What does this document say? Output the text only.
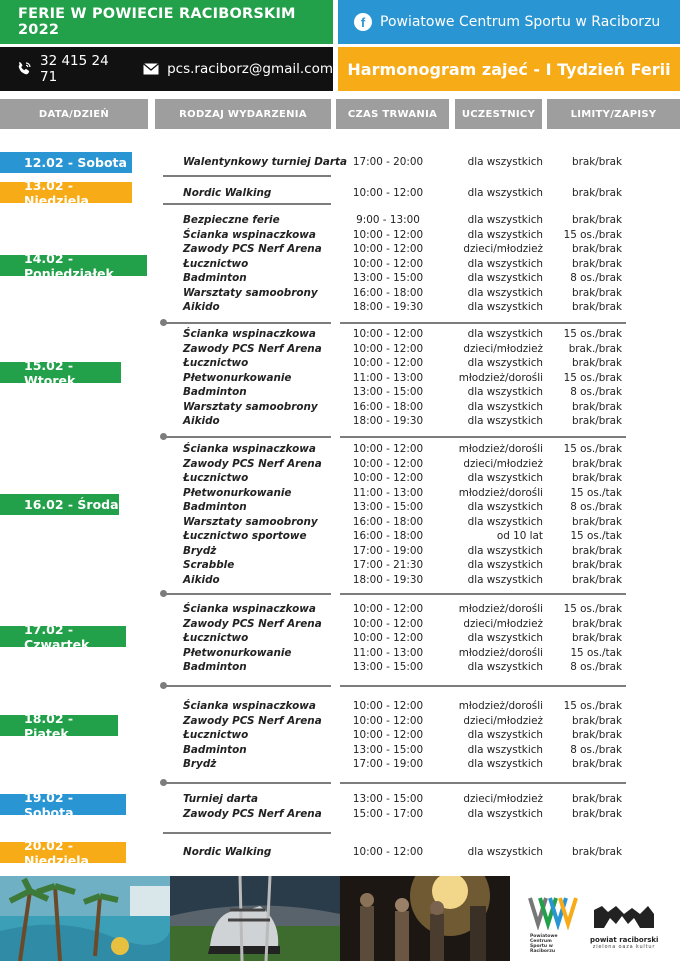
FERIE W POWIECIE RACIBORSKIM 2022	f	Powiatowe Centrum Sportu w Raciborzu
32 415 24 71	pcs.raciborz@gmail.com Harmonogram zajeć - I Tydzień Ferii
DATA/DZIEŃ	RODZAJ WYDARZENIA	CZAS TRWANIA	UCZESTNICY	LIMITY/ZAPISY
12.02 - Sobota	Walentynkowy turniej Darta 17:00 - 20:00	dla wszystkich	brak/brak
13.02 - Niedziela	Nordic Walking	10:00 - 12:00	dla wszystkich	brak/brak
14.02 - Poniedziałek
Bezpieczne ferie	9:00 - 13:00	dla wszystkich	brak/brak
Ścianka wspinaczkowa	10:00 - 12:00	dla wszystkich	15 os./brak
Zawody PCS Nerf Arena	10:00 - 12:00	dzieci/młodzież	brak/brak
Łucznictwo	10:00 - 12:00	dla wszystkich	brak/brak
Badminton	13:00 - 15:00	dla wszystkich	8 os./brak
Warsztaty samoobrony	16:00 - 18:00	dla wszystkich	brak/brak
Aikido	18:00 - 19:30	dla wszystkich	brak/brak
15.02 - Wtorek
Ścianka wspinaczkowa	10:00 - 12:00	dla wszystkich	15 os./brak
Zawody PCS Nerf Arena	10:00 - 12:00	dzieci/młodzież	brak./brak
Łucznictwo	10:00 - 12:00	dla wszystkich	brak/brak
Płetwonurkowanie	11:00 - 13:00	młodzież/dorośli	15 os./brak
Badminton	13:00 - 15:00	dla wszystkich	8 os./brak
Warsztaty samoobrony	16:00 - 18:00	dla wszystkich	brak/brak
Aikido	18:00 - 19:30	dla wszystkich	brak/brak
16.02 - Środa
Ścianka wspinaczkowa	10:00 - 12:00	młodzież/dorośli	15 os./brak
Zawody PCS Nerf Arena	10:00 - 12:00	dzieci/młodzież	brak/brak
Łucznictwo	10:00 - 12:00	dla wszystkich	brak/brak
Płetwonurkowanie	11:00 - 13:00	młodzież/dorośli	15 os./tak
Badminton	13:00 - 15:00	dla wszystkich	8 os./brak
Warsztaty samoobrony	16:00 - 18:00	dla wszystkich	brak/brak
Łucznictwo sportowe	16:00 - 18:00	od 10 lat	15 os./tak
Brydż	17:00 - 19:00	dla wszystkich	brak/brak
Scrabble	17:00 - 21:30	dla wszystkich	brak/brak
Aikido	18:00 - 19:30	dla wszystkich	brak/brak
17.02 - Czwartek
Ścianka wspinaczkowa	10:00 - 12:00	młodzież/dorośli	15 os./brak
Zawody PCS Nerf Arena	10:00 - 12:00	dzieci/młodzież	brak/brak
Łucznictwo	10:00 - 12:00	dla wszystkich	brak/brak
Płetwonurkowanie	11:00 - 13:00	młodzież/dorośli	15 os./tak
Badminton	13:00 - 15:00	dla wszystkich	8 os./brak
18.02 - Piątek
Ścianka wspinaczkowa	10:00 - 12:00	młodzież/dorośli	15 os./brak
Zawody PCS Nerf Arena	10:00 - 12:00	dzieci/młodzież	brak/brak
Łucznictwo	10:00 - 12:00	dla wszystkich	brak/brak
Badminton	13:00 - 15:00	dla wszystkich	8 os./brak
Brydż	17:00 - 19:00	dla wszystkich	brak/brak
19.02 - Sobota
Turniej darta	13:00 - 15:00	dzieci/młodzież	brak/brak
Zawody PCS Nerf Arena	15:00 - 17:00	dla wszystkich	brak/brak
20.02 - Niedziela
Nordic Walking	10:00 - 12:00	dla wszystkich	brak/brak
Powiatowe Centrum Sportu w Raciborzu
powiat raciborski
zielona oaza kultur
